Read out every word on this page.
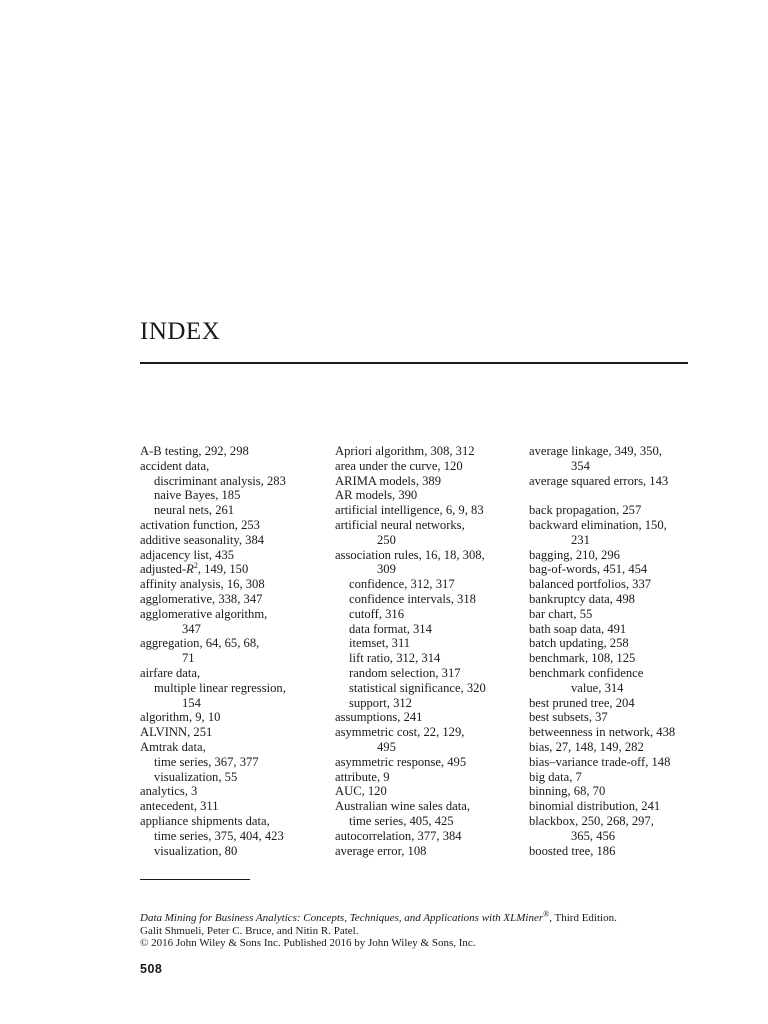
INDEX
A-B testing, 292, 298
accident data,
discriminant analysis, 283
naive Bayes, 185
neural nets, 261
activation function, 253
additive seasonality, 384
adjacency list, 435
adjusted-$R^2$, 149, 150
affinity analysis, 16, 308
agglomerative, 338, 347
agglomerative algorithm,
347
aggregation, 64, 65, 68,
71
airfare data,
multiple linear regression,
154
algorithm, 9, 10
ALVINN, 251
Amtrak data,
time series, 367, 377
visualization, 55
analytics, 3
antecedent, 311
appliance shipments data,
time series, 375, 404, 423
visualization, 80
Apriori algorithm, 308, 312
area under the curve, 120
ARIMA models, 389
AR models, 390
artificial intelligence, 6, 9, 83
artificial neural networks,
250
association rules, 16, 18, 308,
309
confidence, 312, 317
confidence intervals, 318
cutoff, 316
data format, 314
itemset, 311
lift ratio, 312, 314
random selection, 317
statistical significance, 320
support, 312
assumptions, 241
asymmetric cost, 22, 129,
495
asymmetric response, 495
attribute, 9
AUC, 120
Australian wine sales data,
time series, 405, 425
autocorrelation, 377, 384
average error, 108
average linkage, 349, 350,
354
average squared errors, 143
back propagation, 257
backward elimination, 150,
231
bagging, 210, 296
bag-of-words, 451, 454
balanced portfolios, 337
bankruptcy data, 498
bar chart, 55
bath soap data, 491
batch updating, 258
benchmark, 108, 125
benchmark confidence
value, 314
best pruned tree, 204
best subsets, 37
betweenness in network, 438
bias, 27, 148, 149, 282
bias–variance trade-off, 148
big data, 7
binning, 68, 70
binomial distribution, 241
blackbox, 250, 268, 297,
365, 456
boosted tree, 186
Data Mining for Business Analytics: Concepts, Techniques, and Applications with XLMiner®, Third Edition.
Galit Shmueli, Peter C. Bruce, and Nitin R. Patel.
© 2016 John Wiley & Sons Inc. Published 2016 by John Wiley & Sons, Inc.
508
